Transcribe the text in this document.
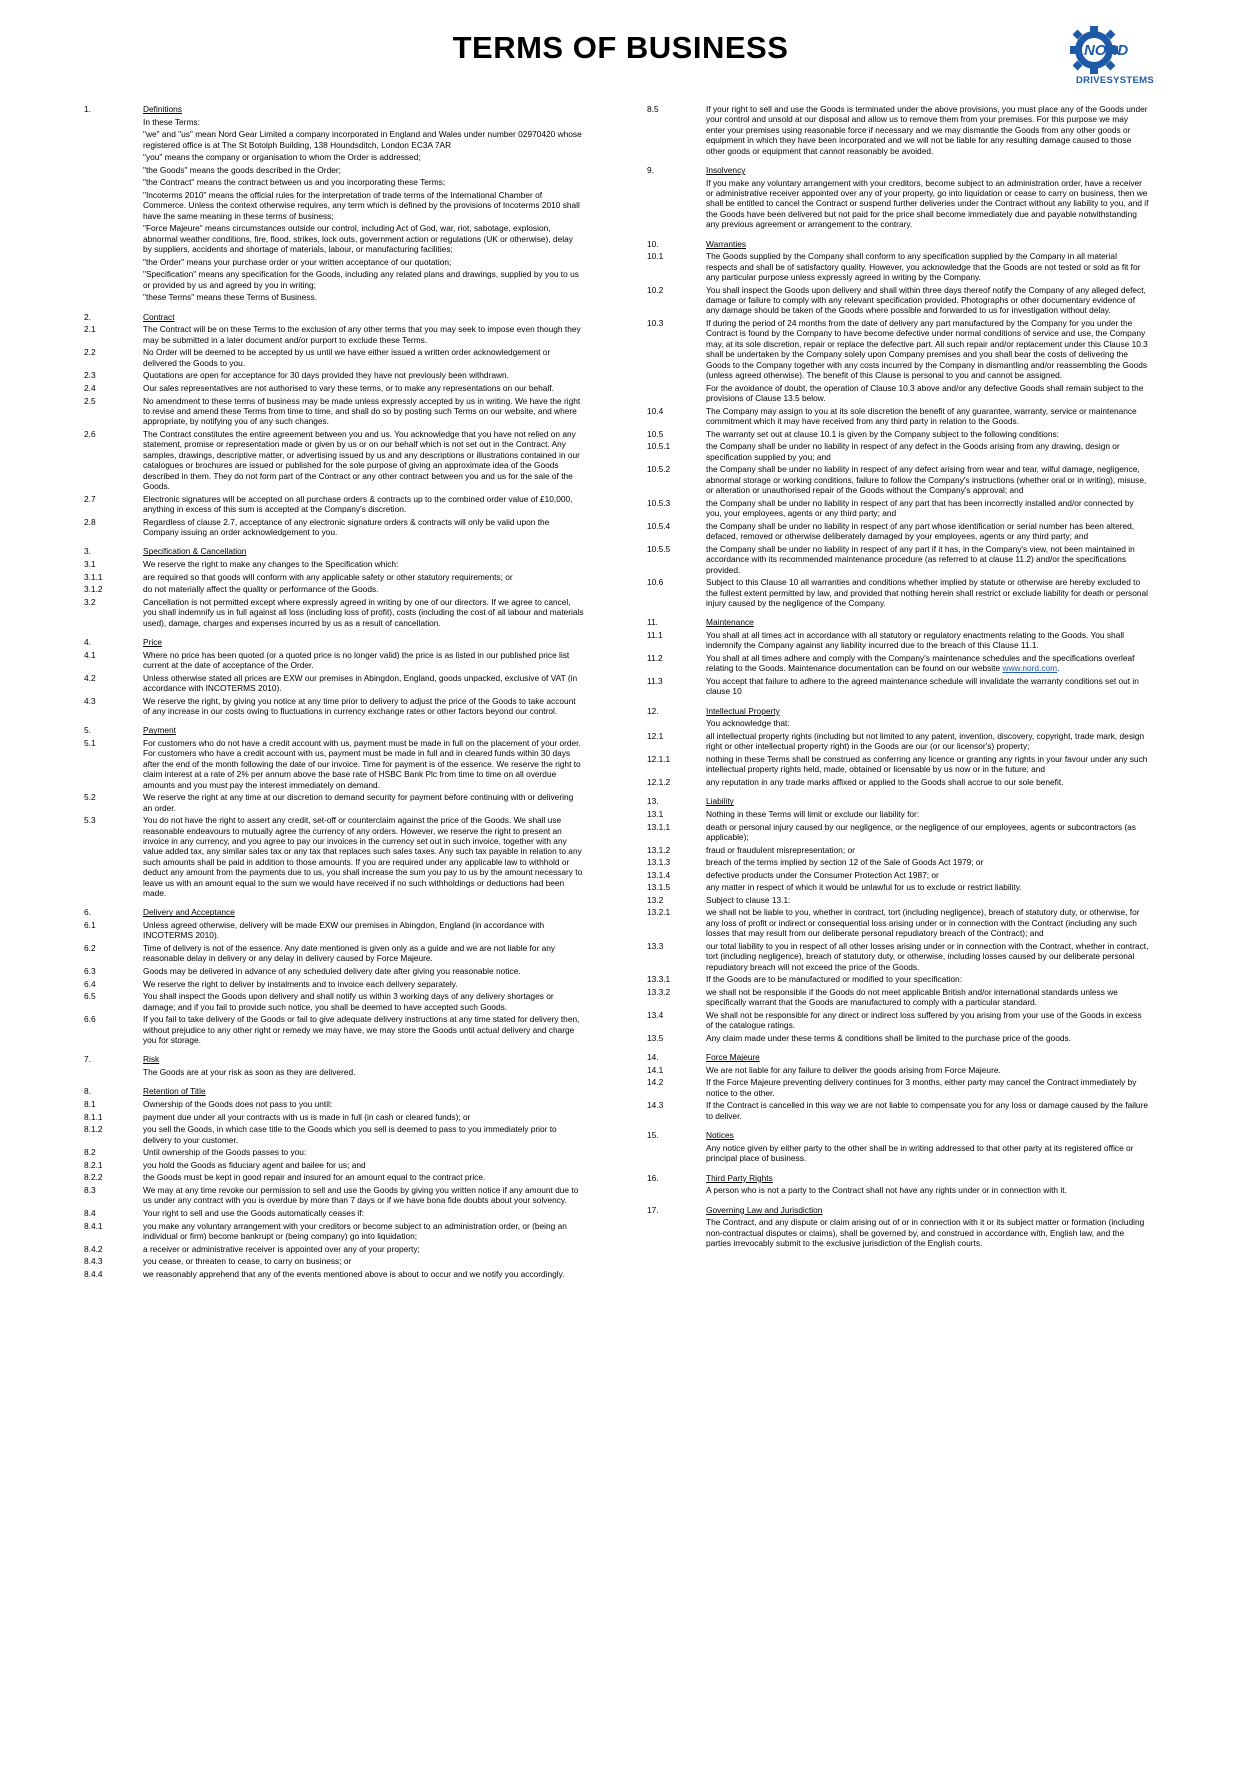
TERMS OF BUSINESS	NORD
DRIVESYSTEMS
1.	Definitions
In these Terms:
"we" and "us" mean Nord Gear Limited a company incorporated in England and Wales under number 02970420 whose registered office is at The St Botolph Building, 138 Houndsditch, London EC3A 7AR
"you" means the company or organisation to whom the Order is addressed;
"the Goods" means the goods described in the Order;
"the Contract" means the contract between us and you incorporating these Terms;
"Incoterms 2010" means the official rules for the interpretation of trade terms of the International Chamber of Commerce. Unless the context otherwise requires, any term which is defined by the provisions of Incoterms 2010 shall have the same meaning in these terms of business;
"Force Majeure" means circumstances outside our control, including Act of God, war, riot, sabotage, explosion, abnormal weather conditions, fire, flood, strikes, lock outs, government action or regulations (UK or otherwise), delay by suppliers, accidents and shortage of materials, labour, or manufacturing facilities;
"the Order" means your purchase order or your written acceptance of our quotation;
"Specification" means any specification for the Goods, including any related plans and drawings, supplied by you to us or provided by us and agreed by you in writing;
"these Terms" means these Terms of Business.
2.	Contract
2.1	The Contract will be on these Terms to the exclusion of any other terms that you may seek to impose even though they may be submitted in a later document and/or purport to exclude these Terms.
2.2	No Order will be deemed to be accepted by us until we have either issued a written order acknowledgement or delivered the Goods to you.
2.3	Quotations are open for acceptance for 30 days provided they have not previously been withdrawn.
2.4	Our sales representatives are not authorised to vary these terms, or to make any representations on our behalf.
2.5	No amendment to these terms of business may be made unless expressly accepted by us in writing. We have the right to revise and amend these Terms from time to time, and shall do so by posting such Terms on our website, and where appropriate, by notifying you of any such changes.
2.6	The Contract constitutes the entire agreement between you and us. You acknowledge that you have not relied on any statement, promise or representation made or given by us or on our behalf which is not set out in the Contract. Any samples, drawings, descriptive matter, or advertising issued by us and any descriptions or illustrations contained in our catalogues or brochures are issued or published for the sole purpose of giving an approximate idea of the Goods described in them. They do not form part of the Contract or any other contract between you and us for the sale of the Goods.
2.7	Electronic signatures will be accepted on all purchase orders & contracts up to the combined order value of £10,000, anything in excess of this sum is accepted at the Company's discretion.
2.8	Regardless of clause 2.7, acceptance of any electronic signature orders & contracts will only be valid upon the Company issuing an order acknowledgement to you.
3.	Specification & Cancellation
3.1	We reserve the right to make any changes to the Specification which:
3.1.1	are required so that goods will conform with any applicable safety or other statutory requirements; or
3.1.2	do not materially affect the quality or performance of the Goods.
3.2	Cancellation is not permitted except where expressly agreed in writing by one of our directors. If we agree to cancel, you shall indemnify us in full against all loss (including loss of profit), costs (including the cost of all labour and materials used), damage, charges and expenses incurred by us as a result of cancellation.
4.	Price
4.1	Where no price has been quoted (or a quoted price is no longer valid) the price is as listed in our published price list current at the date of acceptance of the Order.
4.2	Unless otherwise stated all prices are EXW our premises in Abingdon, England, goods unpacked, exclusive of VAT (in accordance with INCOTERMS 2010).
4.3	We reserve the right, by giving you notice at any time prior to delivery to adjust the price of the Goods to take account of any increase in our costs owing to fluctuations in currency exchange rates or other factors beyond our control.
5.	Payment
5.1	For customers who do not have a credit account with us, payment must be made in full on the placement of your order. For customers who have a credit account with us, payment must be made in full and in cleared funds within 30 days after the end of the month following the date of our invoice. Time for payment is of the essence. We reserve the right to claim interest at a rate of 2% per annum above the base rate of HSBC Bank Plc from time to time on all overdue amounts and you must pay the interest immediately on demand.
5.2	We reserve the right at any time at our discretion to demand security for payment before continuing with or delivering an order.
5.3	You do not have the right to assert any credit, set-off or counterclaim against the price of the Goods. We shall use reasonable endeavours to mutually agree the currency of any orders. However, we reserve the right to present an invoice in any currency, and you agree to pay our invoices in the currency set out in such invoice, together with any value added tax, any similar sales tax or any tax that replaces such sales taxes. Any such tax payable in relation to any such amounts shall be paid in addition to those amounts. If you are required under any applicable law to withhold or deduct any amount from the payments due to us, you shall increase the sum you pay to us by the amount necessary to leave us with an amount equal to the sum we would have received if no such withholdings or deductions had been made.
6.	Delivery and Acceptance
6.1	Unless agreed otherwise, delivery will be made EXW our premises in Abingdon, England (in accordance with INCOTERMS 2010).
6.2	Time of delivery is not of the essence. Any date mentioned is given only as a guide and we are not liable for any reasonable delay in delivery or any delay in delivery caused by Force Majeure.
6.3	Goods may be delivered in advance of any scheduled delivery date after giving you reasonable notice.
6.4	We reserve the right to deliver by instalments and to invoice each delivery separately.
6.5	You shall inspect the Goods upon delivery and shall notify us within 3 working days of any delivery shortages or damage; and if you fail to provide such notice, you shall be deemed to have accepted such Goods.
6.6	If you fail to take delivery of the Goods or fail to give adequate delivery instructions at any time stated for delivery then, without prejudice to any other right or remedy we may have, we may store the Goods until actual delivery and charge you for storage.
7.	Risk
The Goods are at your risk as soon as they are delivered.
8.	Retention of Title
8.1	Ownership of the Goods does not pass to you until:
8.1.1	payment due under all your contracts with us is made in full (in cash or cleared funds); or
8.1.2	you sell the Goods, in which case title to the Goods which you sell is deemed to pass to you immediately prior to delivery to your customer.
8.2	Until ownership of the Goods passes to you:
8.2.1	you hold the Goods as fiduciary agent and bailee for us; and
8.2.2	the Goods must be kept in good repair and insured for an amount equal to the contract price.
8.3	We may at any time revoke our permission to sell and use the Goods by giving you written notice if any amount due to us under any contract with you is overdue by more than 7 days or if we have bona fide doubts about your solvency.
8.4	Your right to sell and use the Goods automatically ceases if:
8.4.1	you make any voluntary arrangement with your creditors or become subject to an administration order, or (being an individual or firm) become bankrupt or (being company) go into liquidation;
8.4.2	a receiver or administrative receiver is appointed over any of your property;
8.4.3	you cease, or threaten to cease, to carry on business; or
8.4.4	we reasonably apprehend that any of the events mentioned above is about to occur and we notify you accordingly.
8.5	If your right to sell and use the Goods is terminated under the above provisions, you must place any of the Goods under your control and unsold at our disposal and allow us to remove them from your premises. For this purpose we may enter your premises using reasonable force if necessary and we may dismantle the Goods from any other goods or equipment in which they have been incorporated and we will not be liable for any resulting damage caused to those other goods or equipment that cannot reasonably be avoided.
9.	Insolvency
If you make any voluntary arrangement with your creditors, become subject to an administration order, have a receiver or administrative receiver appointed over any of your property, go into liquidation or cease to carry on business, then we shall be entitled to cancel the Contract or suspend further deliveries under the Contract without any liability to you, and if the Goods have been delivered but not paid for the price shall become immediately due and payable notwithstanding any previous agreement or arrangement to the contrary.
10.	Warranties
10.1	The Goods supplied by the Company shall conform to any specification supplied by the Company in all material respects and shall be of satisfactory quality. However, you acknowledge that the Goods are not tested or sold as fit for any particular purpose unless expressly agreed in writing by the Company.
10.2	You shall inspect the Goods upon delivery and shall within three days thereof notify the Company of any alleged defect, damage or failure to comply with any relevant specification provided. Photographs or other documentary evidence of any damage should be taken of the Goods where possible and forwarded to us for investigation without delay.
10.3	If during the period of 24 months from the date of delivery any part manufactured by the Company for you under the Contract is found by the Company to have become defective under normal conditions of service and use, the Company may, at its sole discretion, repair or replace the defective part. All such repair and/or replacement under this Clause 10.3 shall be undertaken by the Company solely upon Company premises and you shall bear the costs of delivering the Goods to the Company together with any costs incurred by the Company in dismantling and/or reassembling the Goods (unless agreed otherwise). The benefit of this Clause is personal to you and cannot be assigned.
For the avoidance of doubt, the operation of Clause 10.3 above and/or any defective Goods shall remain subject to the provisions of Clause 13.5 below.
10.4	The Company may assign to you at its sole discretion the benefit of any guarantee, warranty, service or maintenance commitment which it may have received from any third party in relation to the Goods.
10.5	The warranty set out at clause 10.1 is given by the Company subject to the following conditions:
10.5.1	the Company shall be under no liability in respect of any defect in the Goods arising from any drawing, design or specification supplied by you; and
10.5.2	the Company shall be under no liability in respect of any defect arising from wear and tear, wilful damage, negligence, abnormal storage or working conditions, failure to follow the Company's instructions (whether oral or in writing), misuse, or alteration or unauthorised repair of the Goods without the Company's approval; and
10.5.3	the Company shall be under no liability in respect of any part that has been incorrectly installed and/or connected by you, your employees, agents or any third party; and
10.5.4	the Company shall be under no liability in respect of any part whose identification or serial number has been altered, defaced, removed or otherwise deliberately damaged by your employees, agents or any third party; and
10.5.5	the Company shall be under no liability in respect of any part if it has, in the Company's view, not been maintained in accordance with its recommended maintenance procedure (as referred to at clause 11.2) and/or the specifications provided.
10.6	Subject to this Clause 10 all warranties and conditions whether implied by statute or otherwise are hereby excluded to the fullest extent permitted by law, and provided that nothing herein shall restrict or exclude liability for death or personal injury caused by the negligence of the Company.
11.	Maintenance
11.1	You shall at all times act in accordance with all statutory or regulatory enactments relating to the Goods. You shall indemnify the Company against any liability incurred due to the breach of this Clause 11.1.
11.2	You shall at all times adhere and comply with the Company's maintenance schedules and the specifications overleaf relating to the Goods. Maintenance documentation can be found on our website www.nord.com.
11.3	You accept that failure to adhere to the agreed maintenance schedule will invalidate the warranty conditions set out in clause 10
12.	Intellectual Property
You acknowledge that:
12.1	all intellectual property rights (including but not limited to any patent, invention, discovery, copyright, trade mark, design right or other intellectual property right) in the Goods are our (or our licensor's) property;
12.1.1	nothing in these Terms shall be construed as conferring any licence or granting any rights in your favour under any such intellectual property rights held, made, obtained or licensable by us now or in the future; and
12.1.2	any reputation in any trade marks affixed or applied to the Goods shall accrue to our sole benefit.
13.	Liability
13.1	Nothing in these Terms will limit or exclude our liability for:
13.1.1	death or personal injury caused by our negligence, or the negligence of our employees, agents or subcontractors (as applicable);
13.1.2	fraud or fraudulent misrepresentation; or
13.1.3	breach of the terms implied by section 12 of the Sale of Goods Act 1979; or
13.1.4	defective products under the Consumer Protection Act 1987; or
13.1.5	any matter in respect of which it would be unlawful for us to exclude or restrict liability.
13.2	Subject to clause 13.1:
13.2.1	we shall not be liable to you, whether in contract, tort (including negligence), breach of statutory duty, or otherwise, for any loss of profit or indirect or consequential loss arising under or in connection with the Contract (including any such losses that may result from our deliberate personal repudiatory breach of the Contract); and
13.3	our total liability to you in respect of all other losses arising under or in connection with the Contract, whether in contract, tort (including negligence), breach of statutory duty, or otherwise, including losses caused by our deliberate personal repudiatory breach will not exceed the price of the Goods.
13.3.1	If the Goods are to be manufactured or modified to your specification:
13.3.2	we shall not be responsible if the Goods do not meet applicable British and/or international standards unless we specifically warrant that the Goods are manufactured to comply with a particular standard.
13.4	We shall not be responsible for any direct or indirect loss suffered by you arising from your use of the Goods in excess of the catalogue ratings.
13.5	Any claim made under these terms & conditions shall be limited to the purchase price of the goods.
14.	Force Majeure
14.1	We are not liable for any failure to deliver the goods arising from Force Majeure.
14.2	If the Force Majeure preventing delivery continues for 3 months, either party may cancel the Contract immediately by notice to the other.
14.3	If the Contract is cancelled in this way we are not liable to compensate you for any loss or damage caused by the failure to deliver.
15.	Notices
Any notice given by either party to the other shall be in writing addressed to that other party at its registered office or principal place of business.
16.	Third Party Rights
A person who is not a party to the Contract shall not have any rights under or in connection with it.
17.	Governing Law and Jurisdiction
The Contract, and any dispute or claim arising out of or in connection with it or its subject matter or formation (including non-contractual disputes or claims), shall be governed by, and construed in accordance with, English law, and the parties irrevocably submit to the exclusive jurisdiction of the English courts.
